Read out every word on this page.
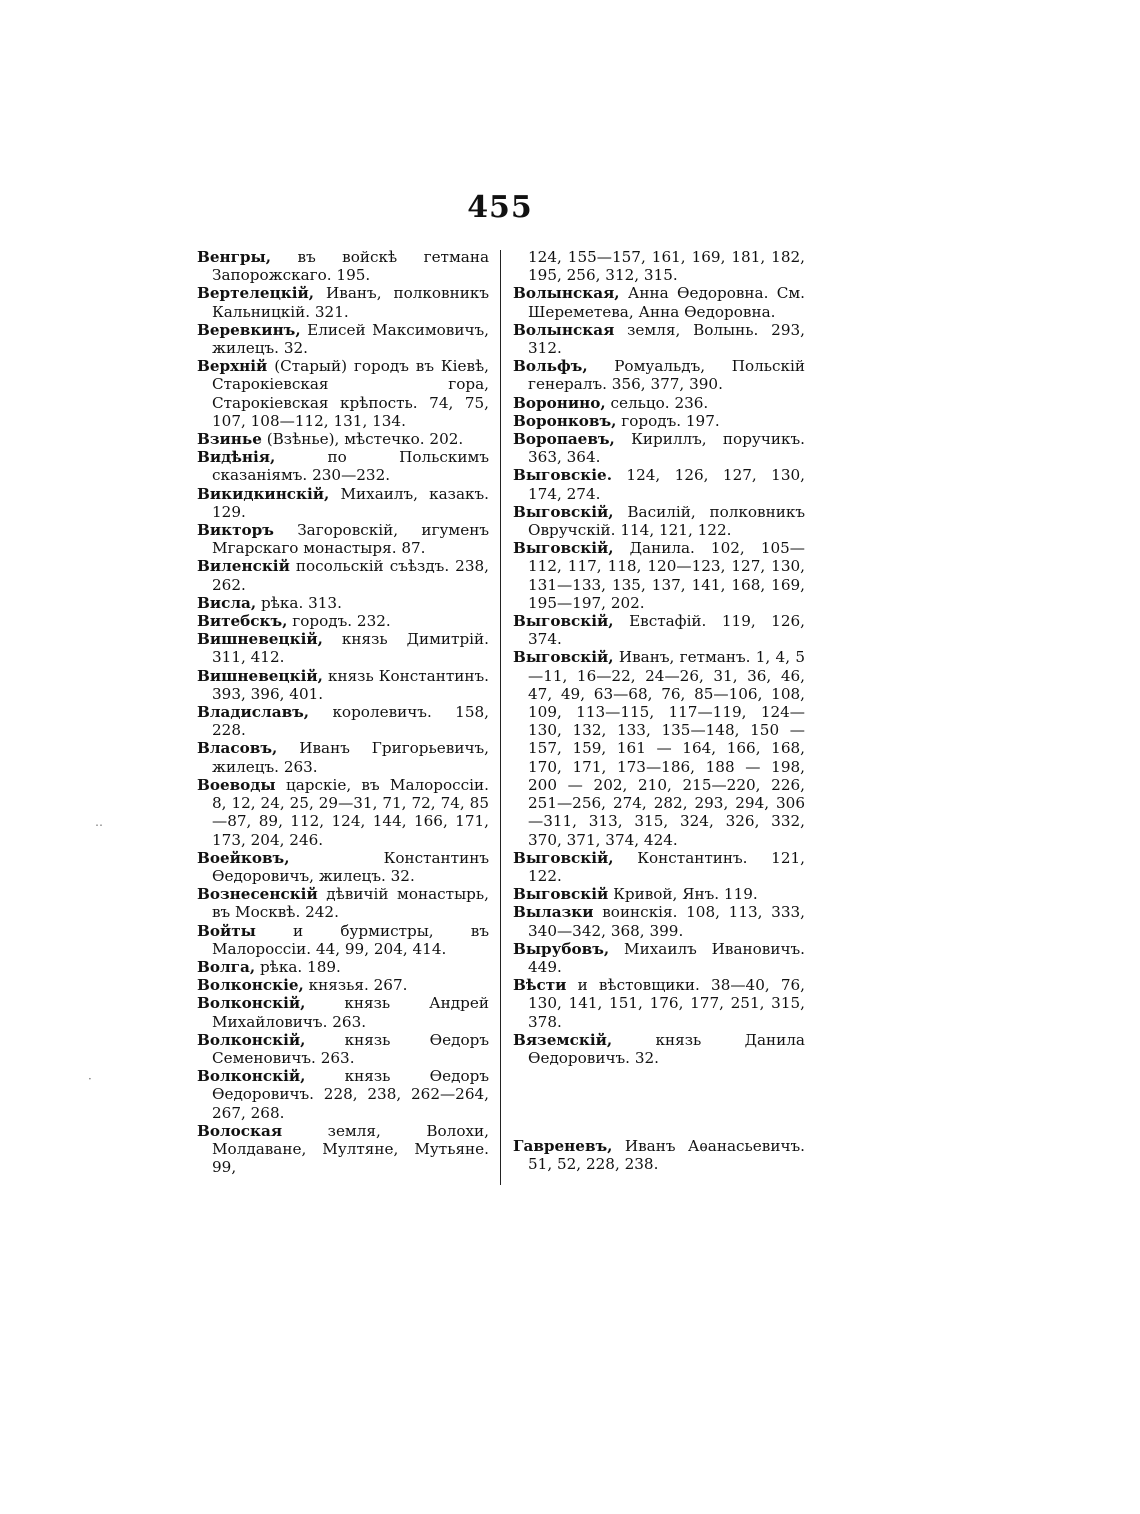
455

Венгры, въ войскѣ гетмана Запорожскаго. 195.

Вертелецкій, Иванъ, полковникъ Кальницкій. 321.

Веревкинъ, Елисей Максимовичъ, жилецъ. 32.

Верхній (Старый) городъ въ Кіевѣ, Старокіевская гора, Старокіевская крѣпость. 74, 75, 107, 108—112, 131, 134.

Взинье (Взѣнье), мѣстечко. 202.

Видѣнія, по Польскимъ сказаніямъ. 230—232.

Викидкинскій, Михаилъ, казакъ. 129.

Викторъ Загоровскій, игуменъ Мгарскаго монастыря. 87.

Виленскій посольскій съѣздъ. 238, 262.

Висла, рѣка. 313.

Витебскъ, городъ. 232.

Вишневецкій, князь Димитрій. 311, 412.

Вишневецкій, князь Константинъ. 393, 396, 401.

Владиславъ, королевичъ. 158, 228.

Власовъ, Иванъ Григорьевичъ, жилецъ. 263.

Воеводы царскіе, въ Малороссіи. 8, 12, 24, 25, 29—31, 71, 72, 74, 85—87, 89, 112, 124, 144, 166, 171, 173, 204, 246.

Воейковъ, Константинъ Ѳедоровичъ, жилецъ. 32.

Вознесенскій дѣвичій монастырь, въ Москвѣ. 242.

Войты и бурмистры, въ Малороссіи. 44, 99, 204, 414.

Волга, рѣка. 189.

Волконскіе, князья. 267.

Волконскій, князь Андрей Михайловичъ. 263.

Волконскій, князь Ѳедоръ Семеновичъ. 263.

Волконскій, князь Ѳедоръ Ѳедоровичъ. 228, 238, 262—264, 267, 268.

Волоская земля, Волохи, Молдаване, Мултяне, Мутьяне. 99,

124, 155—157, 161, 169, 181, 182, 195, 256, 312, 315.

Волынская, Анна Ѳедоровна. См. Шереметева, Анна Ѳедоровна.

Волынская земля, Волынь. 293, 312.

Вольфъ, Ромуальдъ, Польскій генералъ. 356, 377, 390.

Воронино, сельцо. 236.

Воронковъ, городъ. 197.

Воропаевъ, Кириллъ, поручикъ. 363, 364.

Выговскіе. 124, 126, 127, 130, 174, 274.

Выговскій, Василій, полковникъ Овручскій. 114, 121, 122.

Выговскій, Данила. 102, 105—112, 117, 118, 120—123, 127, 130, 131—133, 135, 137, 141, 168, 169, 195—197, 202.

Выговскій, Евстафій. 119, 126, 374.

Выговскій, Иванъ, гетманъ. 1, 4, 5—11, 16—22, 24—26, 31, 36, 46, 47, 49, 63—68, 76, 85—106, 108, 109, 113—115, 117—119, 124—130, 132, 133, 135—148, 150 — 157, 159, 161 — 164, 166, 168, 170, 171, 173—186, 188 — 198, 200 — 202, 210, 215—220, 226, 251—256, 274, 282, 293, 294, 306—311, 313, 315, 324, 326, 332, 370, 371, 374, 424.

Выговскій, Константинъ. 121, 122.

Выговскій Кривой, Янъ. 119.

Вылазки воинскія. 108, 113, 333, 340—342, 368, 399.

Вырубовъ, Михаилъ Ивановичъ. 449.

Вѣсти и вѣстовщики. 38—40, 76, 130, 141, 151, 176, 177, 251, 315, 378.

Вяземскій, князь Данила Ѳедоровичъ. 32.

Гавреневъ, Иванъ Аѳанасьевичъ. 51, 52, 228, 238.

‥
·
